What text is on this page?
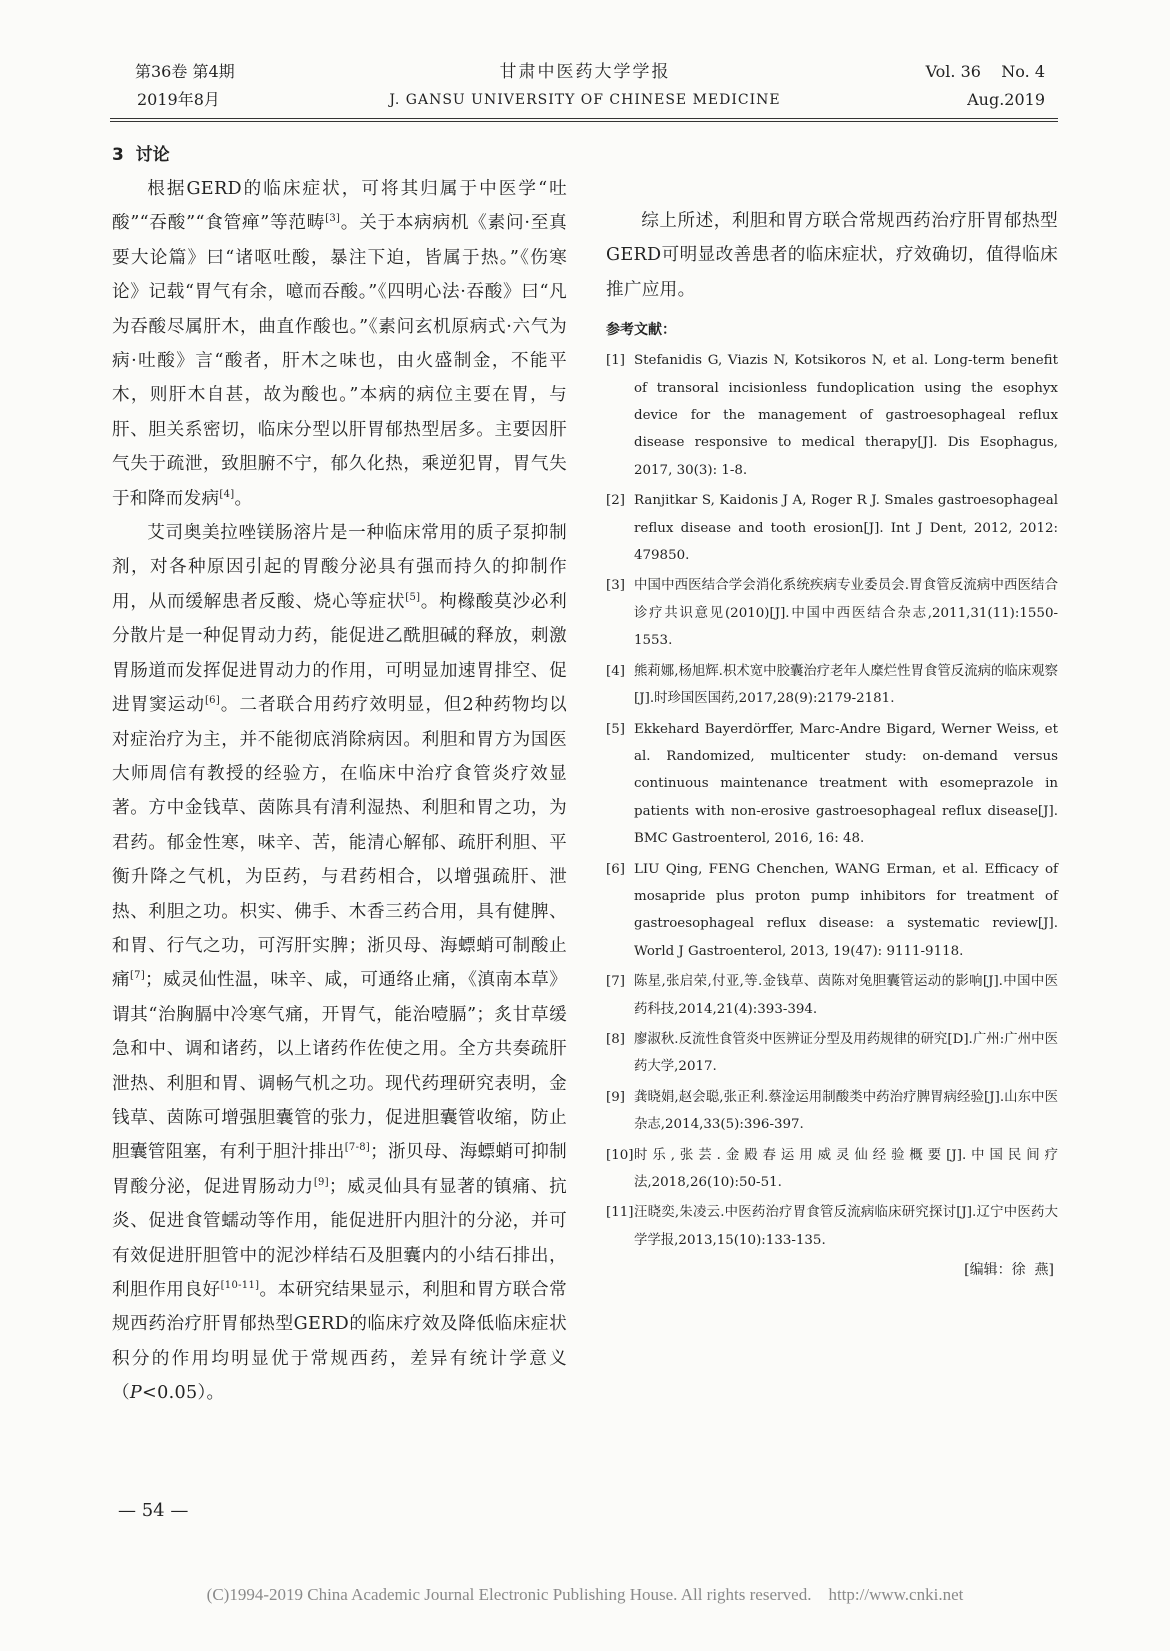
第36卷 第4期
2019年8月
甘肃中医药大学学报
J. GANSU UNIVERSITY OF CHINESE MEDICINE
Vol. 36    No. 4
Aug.2019
3  讨论

根据GERD的临床症状，可将其归属于中医学“吐酸”“吞酸”“食管瘅”等范畴[3]。关于本病病机《素问·至真要大论篇》曰“诸呕吐酸，暴注下迫，皆属于热。”《伤寒论》记载“胃气有余，噫而吞酸。”《四明心法·吞酸》曰“凡为吞酸尽属肝木，曲直作酸也。”《素问玄机原病式·六气为病·吐酸》言“酸者，肝木之味也，由火盛制金，不能平木，则肝木自甚，故为酸也。”本病的病位主要在胃，与肝、胆关系密切，临床分型以肝胃郁热型居多。主要因肝气失于疏泄，致胆腑不宁，郁久化热，乘逆犯胃，胃气失于和降而发病[4]。

艾司奥美拉唑镁肠溶片是一种临床常用的质子泵抑制剂，对各种原因引起的胃酸分泌具有强而持久的抑制作用，从而缓解患者反酸、烧心等症状[5]。枸橼酸莫沙必利分散片是一种促胃动力药，能促进乙酰胆碱的释放，刺激胃肠道而发挥促进胃动力的作用，可明显加速胃排空、促进胃窦运动[6]。二者联合用药疗效明显，但2种药物均以对症治疗为主，并不能彻底消除病因。利胆和胃方为国医大师周信有教授的经验方，在临床中治疗食管炎疗效显著。方中金钱草、茵陈具有清利湿热、利胆和胃之功，为君药。郁金性寒，味辛、苦，能清心解郁、疏肝利胆、平衡升降之气机，为臣药，与君药相合，以增强疏肝、泄热、利胆之功。枳实、佛手、木香三药合用，具有健脾、和胃、行气之功，可泻肝实脾；浙贝母、海螵蛸可制酸止痛[7]；威灵仙性温，味辛、咸，可通络止痛，《滇南本草》谓其“治胸膈中冷寒气痛，开胃气，能治噎膈”；炙甘草缓急和中、调和诸药，以上诸药作佐使之用。全方共奏疏肝泄热、利胆和胃、调畅气机之功。现代药理研究表明，金钱草、茵陈可增强胆囊管的张力，促进胆囊管收缩，防止胆囊管阻塞，有利于胆汁排出[7-8]；浙贝母、海螵蛸可抑制胃酸分泌，促进胃肠动力[9]；威灵仙具有显著的镇痛、抗炎、促进食管蠕动等作用，能促进肝内胆汁的分泌，并可有效促进肝胆管中的泥沙样结石及胆囊内的小结石排出，利胆作用良好[10-11]。本研究结果显示，利胆和胃方联合常规西药治疗肝胃郁热型GERD的临床疗效及降低临床症状积分的作用均明显优于常规西药，差异有统计学意义（P<0.05）。

综上所述，利胆和胃方联合常规西药治疗肝胃郁热型GERD可明显改善患者的临床症状，疗效确切，值得临床推广应用。

参考文献：
[1] Stefanidis G, Viazis N, Kotsikoros N, et al. Long-term benefit of transoral incisionless fundoplication using the esophyx device for the management of gastroesophageal reflux disease responsive to medical therapy[J]. Dis Esophagus, 2017, 30(3): 1-8.
[2] Ranjitkar S, Kaidonis J A, Roger R J. Smales gastroesophageal reflux disease and tooth erosion[J]. Int J Dent, 2012, 2012: 479850.
[3] 中国中西医结合学会消化系统疾病专业委员会.胃食管反流病中西医结合诊疗共识意见(2010)[J].中国中西医结合杂志,2011,31(11):1550-1553.
[4] 熊莉娜,杨旭辉.枳术宽中胶囊治疗老年人糜烂性胃食管反流病的临床观察[J].时珍国医国药,2017,28(9):2179-2181.
[5] Ekkehard Bayerdörffer, Marc-Andre Bigard, Werner Weiss, et al. Randomized, multicenter study: on-demand versus continuous maintenance treatment with esomeprazole in patients with non-erosive gastroesophageal reflux disease[J]. BMC Gastroenterol, 2016, 16: 48.
[6] LIU Qing, FENG Chenchen, WANG Erman, et al. Efficacy of mosapride plus proton pump inhibitors for treatment of gastroesophageal reflux disease: a systematic review[J]. World J Gastroenterol, 2013, 19(47): 9111-9118.
[7] 陈星,张启荣,付亚,等.金钱草、茵陈对兔胆囊管运动的影响[J].中国中医药科技,2014,21(4):393-394.
[8] 廖淑秋.反流性食管炎中医辨证分型及用药规律的研究[D].广州:广州中医药大学,2017.
[9] 龚晓娟,赵会聪,张正利.蔡淦运用制酸类中药治疗脾胃病经验[J].山东中医杂志,2014,33(5):396-397.
[10] 时乐,张芸.金殿春运用威灵仙经验概要[J].中国民间疗法,2018,26(10):50-51.
[11] 汪晓奕,朱凌云.中医药治疗胃食管反流病临床研究探讨[J].辽宁中医药大学学报,2013,15(10):133-135.
[编辑：徐  燕]
— 54 —
(C)1994-2019 China Academic Journal Electronic Publishing House. All rights reserved.    http://www.cnki.net
